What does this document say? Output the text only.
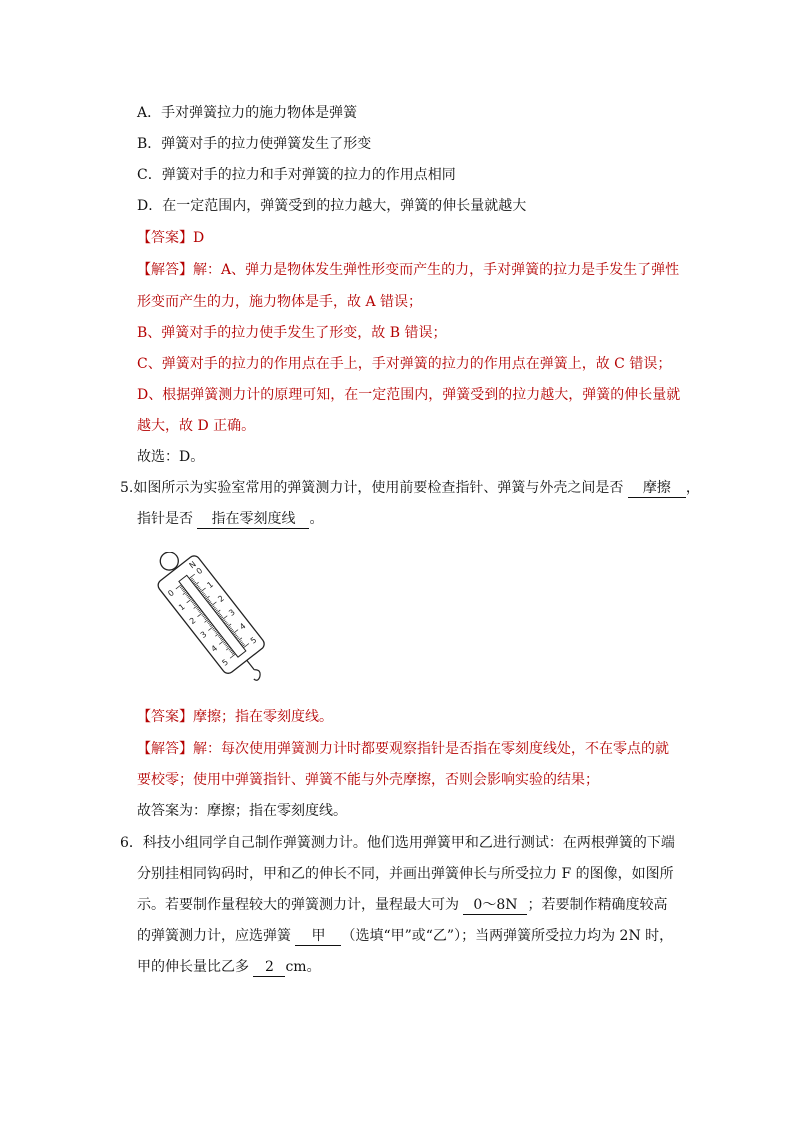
A．手对弹簧拉力的施力物体是弹簧
B．弹簧对手的拉力使弹簧发生了形变
C．弹簧对手的拉力和手对弹簧的拉力的作用点相同
D．在一定范围内，弹簧受到的拉力越大，弹簧的伸长量就越大
【答案】D
【解答】解：A、弹力是物体发生弹性形变而产生的力，手对弹簧的拉力是手发生了弹性
形变而产生的力，施力物体是手，故 A 错误；
B、弹簧对手的拉力使手发生了形变，故 B 错误；
C、弹簧对手的拉力的作用点在手上，手对弹簧的拉力的作用点在弹簧上，故 C 错误；
D、根据弹簧测力计的原理可知，在一定范围内，弹簧受到的拉力越大，弹簧的伸长量就
越大，故 D 正确。
故选：D。
5.如图所示为实验室常用的弹簧测力计，使用前要检查指针、弹簧与外壳之间是否 摩擦 ，
指针是否 指在零刻度线 。
0
1
2
3
4
5
0
1
2
3
4
5
N
【答案】摩擦；指在零刻度线。
【解答】解：每次使用弹簧测力计时都要观察指针是否指在零刻度线处，不在零点的就
要校零；使用中弹簧指针、弹簧不能与外壳摩擦，否则会影响实验的结果；
故答案为：摩擦；指在零刻度线。
6．科技小组同学自己制作弹簧测力计。他们选用弹簧甲和乙进行测试：在两根弹簧的下端
分别挂相同钩码时，甲和乙的伸长不同，并画出弹簧伸长与所受拉力 F 的图像，如图所
示。若要制作量程较大的弹簧测力计，量程最大可为 0～8N ；若要制作精确度较高
的弹簧测力计，应选弹簧 甲 （选填“甲”或“乙”）；当两弹簧所受拉力均为 2N 时，
甲的伸长量比乙多 2 cm。
